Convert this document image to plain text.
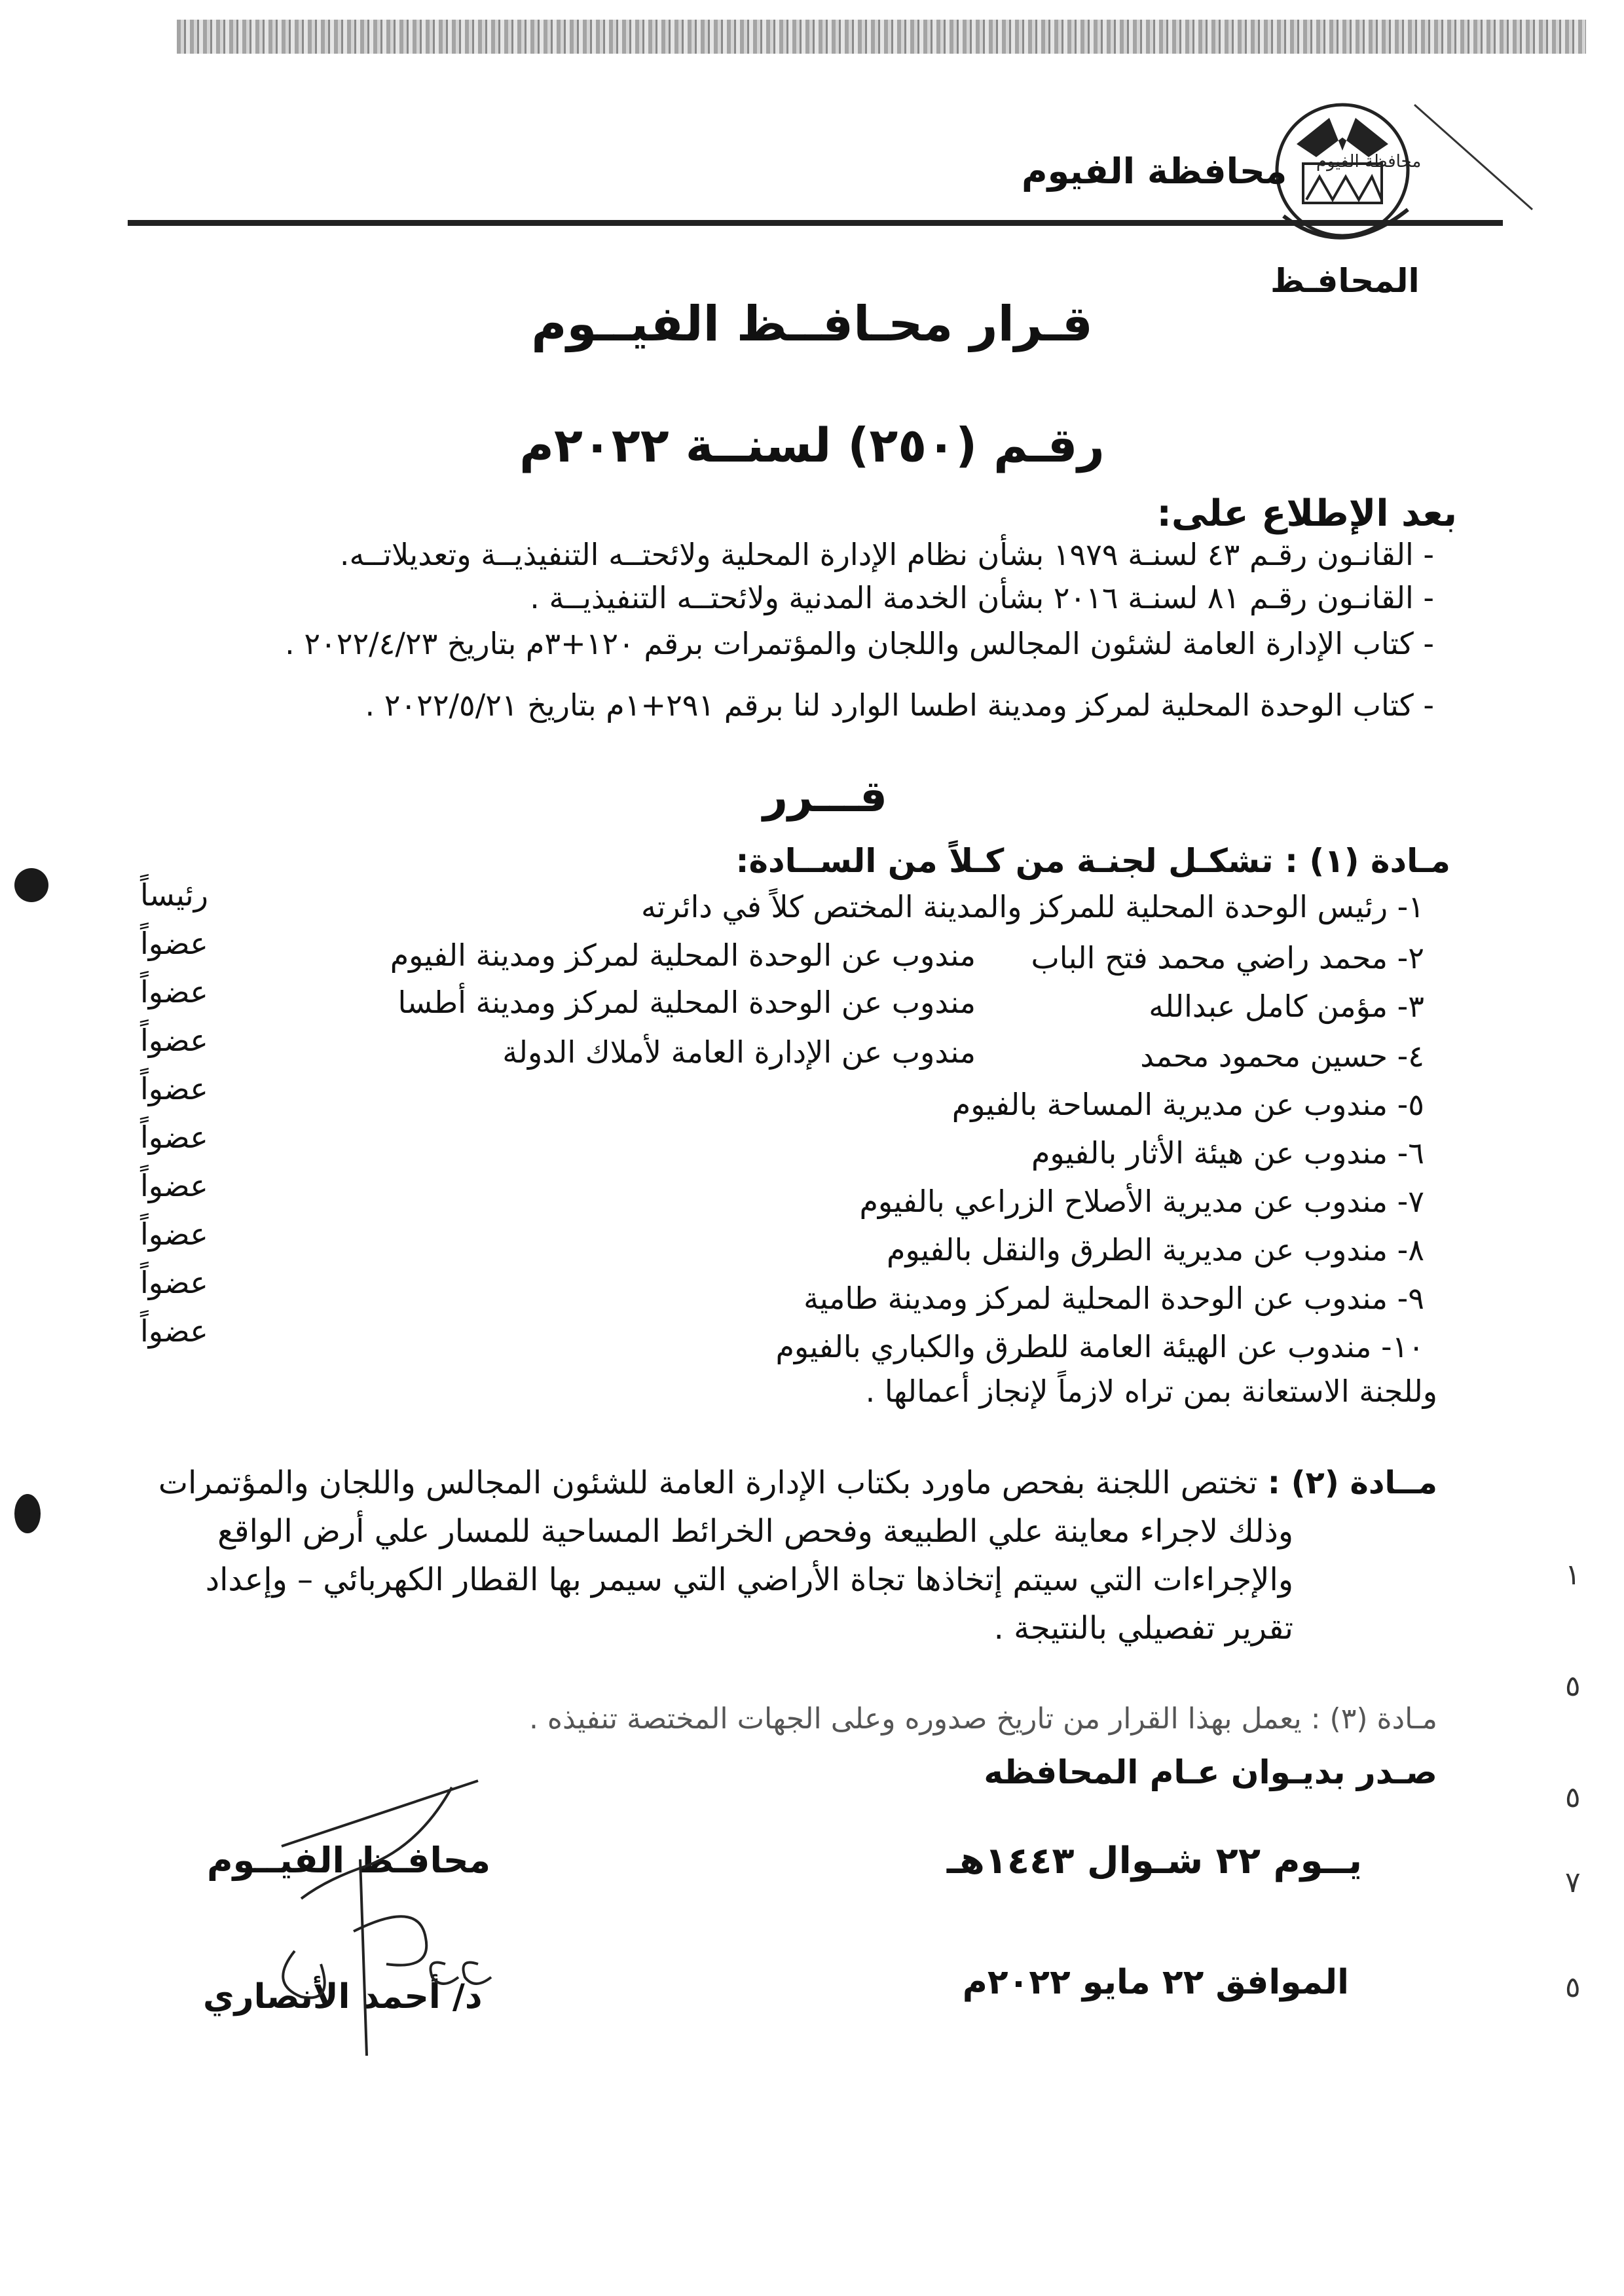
محافظة الفيوم
محافظة الفيوم
المحافـظ
قـرار محـافــظ الفيــوم
رقـم (٢٥٠) لسنــة ٢٠٢٢م
بعد الإطلاع على:
- القانـون رقـم ٤٣ لسنـة ١٩٧٩ بشأن نظام الإدارة المحلية ولائحتــه التنفيذيــة وتعديلاتــه.
- القانـون رقـم ٨١ لسنـة ٢٠١٦ بشأن الخدمة المدنية ولائحتــه التنفيذيــة .
- كتاب الإدارة العامة لشئون المجالس واللجان والمؤتمرات برقم ١٢٠+٣م بتاريخ ٢٠٢٢/٤/٢٣ .
- كتاب الوحدة المحلية لمركز ومدينة اطسا الوارد لنا برقم ٢٩١+١م بتاريخ ٢٠٢٢/٥/٢١ .
قـــرر
مـادة (١) : تشكـل لجنـة من كـلاً من الســادة:
١- رئيس الوحدة المحلية للمركز والمدينة المختص كلاً في دائرته
رئيساً
٢- محمد راضي محمد فتح الباب
مندوب عن الوحدة المحلية لمركز ومدينة الفيوم
عضواً
٣- مؤمن كامل عبدالله
مندوب عن الوحدة المحلية لمركز ومدينة أطسا
عضواً
٤- حسين محمود محمد
مندوب عن الإدارة العامة لأملاك الدولة
عضواً
٥- مندوب عن مديرية المساحة بالفيوم
عضواً
٦- مندوب عن هيئة الأثار بالفيوم
عضواً
٧- مندوب عن مديرية الأصلاح الزراعي بالفيوم
عضواً
٨- مندوب عن مديرية الطرق والنقل بالفيوم
عضواً
٩- مندوب عن الوحدة المحلية لمركز ومدينة طامية
عضواً
١٠- مندوب عن الهيئة العامة للطرق والكباري بالفيوم
عضواً
وللجنة الاستعانة بمن تراه لازماً لإنجاز أعمالها .
مــادة (٢) : تختص اللجنة بفحص ماورد بكتاب الإدارة العامة للشئون المجالس واللجان والمؤتمرات
وذلك لاجراء معاينة علي الطبيعة وفحص الخرائط المساحية للمسار علي أرض الواقع
والإجراءات التي سيتم إتخاذها تجاة الأراضي التي سيمر بها القطار الكهربائي – وإعداد
تقرير تفصيلي بالنتيجة .
مـادة (٣) : يعمل بهذا القرار من تاريخ صدوره وعلى الجهات المختصة تنفيذه .
صـدر بديـوان عـام المحافظه
يــوم ٢٢ شـوال ١٤٤٣هـ
الموافق ٢٢ مايو ٢٠٢٢م
محافـظ الفيــوم
د/ أحمد الأنصاري
١
٥
٥
٧
٥
